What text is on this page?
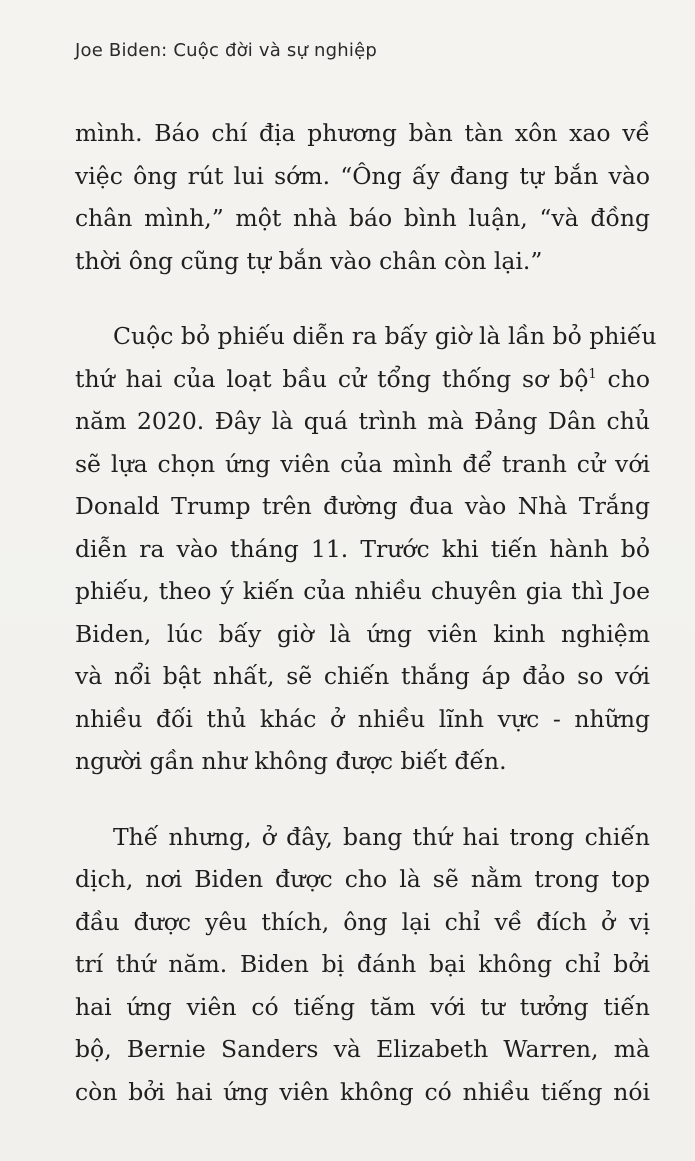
Joe Biden: Cuộc đời và sự nghiệp
mình. Báo chí địa phương bàn tàn xôn xao về
việc ông rút lui sớm. “Ông ấy đang tự bắn vào
chân mình,” một nhà báo bình luận, “và đồng
thời ông cũng tự bắn vào chân còn lại.”
Cuộc bỏ phiếu diễn ra bấy giờ là lần bỏ phiếu
thứ hai của loạt bầu cử tổng thống sơ bộ$^1$ cho
năm 2020. Đây là quá trình mà Đảng Dân chủ
sẽ lựa chọn ứng viên của mình để tranh cử với
Donald Trump trên đường đua vào Nhà Trắng
diễn ra vào tháng 11. Trước khi tiến hành bỏ
phiếu, theo ý kiến của nhiều chuyên gia thì Joe
Biden, lúc bấy giờ là ứng viên kinh nghiệm
và nổi bật nhất, sẽ chiến thắng áp đảo so với
nhiều đối thủ khác ở nhiều lĩnh vực - những
người gần như không được biết đến.
Thế nhưng, ở đây, bang thứ hai trong chiến
dịch, nơi Biden được cho là sẽ nằm trong top
đầu được yêu thích, ông lại chỉ về đích ở vị
trí thứ năm. Biden bị đánh bại không chỉ bởi
hai ứng viên có tiếng tăm với tư tưởng tiến
bộ, Bernie Sanders và Elizabeth Warren, mà
còn bởi hai ứng viên không có nhiều tiếng nói
